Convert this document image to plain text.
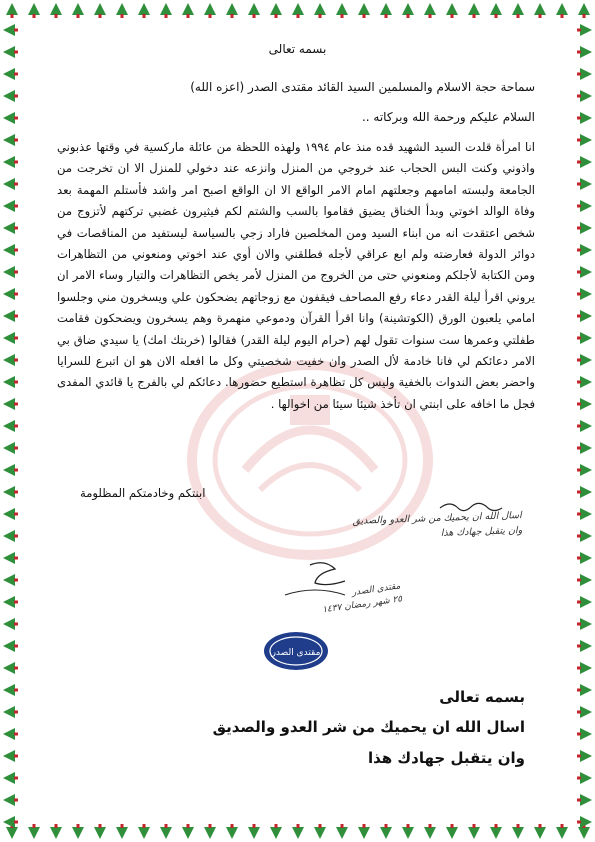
بسمه تعالى
سماحة حجة الاسلام والمسلمين السيد القائد مقتدى الصدر (اعزه الله)
السلام عليكم ورحمة الله وبركاته ..
انا امرأة قلدت السيد الشهيد قده منذ عام ١٩٩٤ ولهذه اللحظة من عائلة ماركسية في وقتها عذبوني واذوني وكنت البس الحجاب عند خروجي من المنزل وانزعه عند دخولي للمنزل الا ان تخرجت من الجامعة ولبسته امامهم وجعلتهم امام الامر الواقع الا ان الواقع اصبح امر واشد فأستلم المهمة بعد وفاة الوالد اخوتي وبدأ الخناق يضيق فقاموا بالسب والشتم لكم فيثيرون غضبي تركتهم لأتزوج من شخص اعتقدت انه من ابناء السيد ومن المخلصين فاراد زجي بالسياسة ليستفيد من المناقصات في دوائر الدولة فعارضته ولم ابع عراقي لأجله فطلقني والان أوي عند اخوتي ومنعوني من التظاهرات ومن الكتابة لأجلكم ومنعوني حتى من الخروج من المنزل لأمر يخص التظاهرات والتيار وساء الامر ان يروني اقرأ ليلة القدر دعاء رفع المصاحف فيقفون مع زوجاتهم يضحكون علي ويسخرون مني وجلسوا امامي يلعبون الورق (الكوتشينة) وانا اقرأ القرآن ودموعي منهمرة وهم يسخرون ويضحكون فقامت طفلتي وعمرها ست سنوات تقول لهم (حرام اليوم ليلة القدر) فقالوا (خربتك امك) يا سيدي ضاق بي الامر دعائكم لي فانا خادمة لأل الصدر وان خفيت شخصيتي وكل ما افعله الان هو ان اتبرع للسرايا واحضر بعض الندوات بالخفية وليس كل تظاهرة استطيع حضورها. دعائكم لي بالفرج يا قائدي المفدى فجل ما اخافه على ابنتي ان تأخذ شيئا سيئا من اخوالها .
ابنتكم وخادمتكم المظلومة
اسال الله ان يحميك من شر العدو والصديق
وان يتقبل جهادك هذا
مقتدى الصدر
٢٥ شهر رمضان ١٤٣٧
مقتدى الصدر
بسمه تعالى
اسال الله ان يحميك من شر العدو والصديق
وان يتقبل جهادك هذا
